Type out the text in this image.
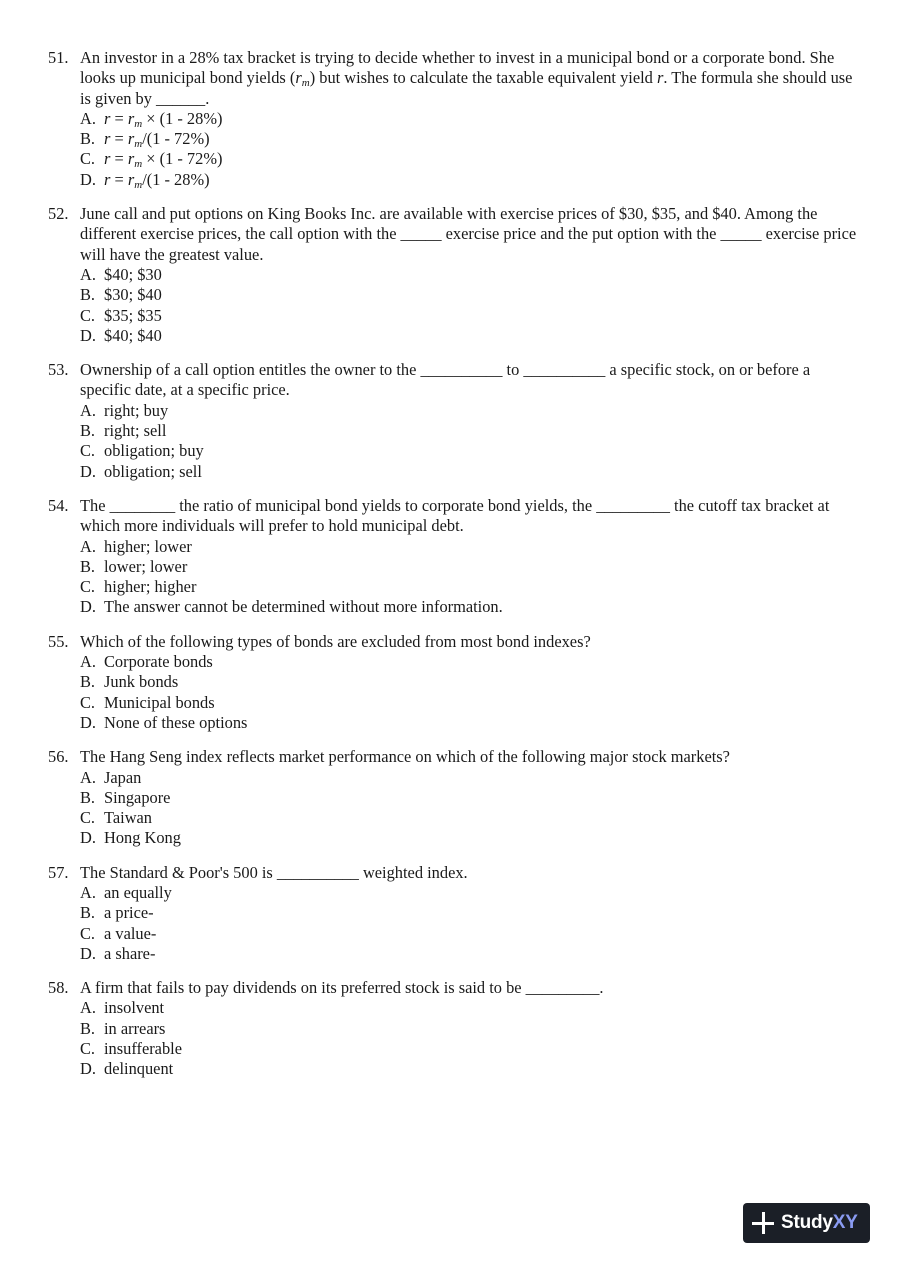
51. An investor in a 28% tax bracket is trying to decide whether to invest in a municipal bond or a corporate bond. She looks up municipal bond yields $(r_m)$ but wishes to calculate the taxable equivalent yield r. The formula she should use is given by ______.
A. $r = r_m \times (1 - 28\%)$
B. $r = r_m/(1 - 72\%)$
C. $r = r_m \times (1 - 72\%)$
D. $r = r_m/(1 - 28\%)$
52. June call and put options on King Books Inc. are available with exercise prices of $30, $35, and $40. Among the different exercise prices, the call option with the _____ exercise price and the put option with the _____ exercise price will have the greatest value.
A. $40; $30
B. $30; $40
C. $35; $35
D. $40; $40
53. Ownership of a call option entitles the owner to the __________ to __________ a specific stock, on or before a specific date, at a specific price.
A. right; buy
B. right; sell
C. obligation; buy
D. obligation; sell
54. The ________ the ratio of municipal bond yields to corporate bond yields, the _________ the cutoff tax bracket at which more individuals will prefer to hold municipal debt.
A. higher; lower
B. lower; lower
C. higher; higher
D. The answer cannot be determined without more information.
55. Which of the following types of bonds are excluded from most bond indexes?
A. Corporate bonds
B. Junk bonds
C. Municipal bonds
D. None of these options
56. The Hang Seng index reflects market performance on which of the following major stock markets?
A. Japan
B. Singapore
C. Taiwan
D. Hong Kong
57. The Standard & Poor's 500 is __________ weighted index.
A. an equally
B. a price-
C. a value-
D. a share-
58. A firm that fails to pay dividends on its preferred stock is said to be _________.
A. insolvent
B. in arrears
C. insufferable
D. delinquent
StudyXY
